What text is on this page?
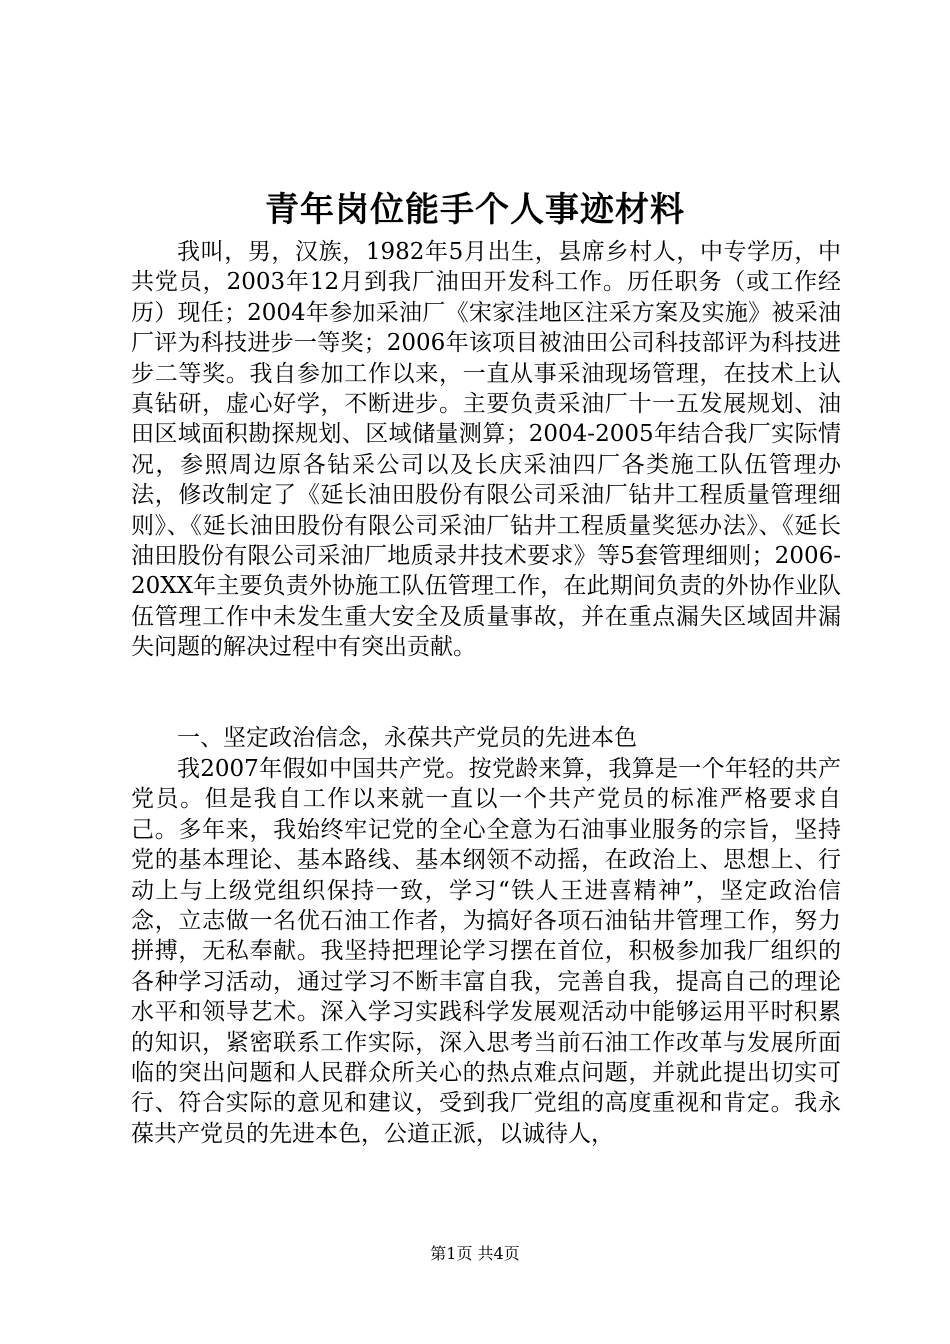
青年岗位能手个人事迹材料

我叫，男，汉族，1982年5月出生，县席乡村人，中专学历，中共党员，2003年12月到我厂油田开发科工作。历任职务（或工作经历）现任；2004年参加采油厂《宋家洼地区注采方案及实施》被采油厂评为科技进步一等奖；2006年该项目被油田公司科技部评为科技进步二等奖。我自参加工作以来，一直从事采油现场管理，在技术上认真钻研，虚心好学，不断进步。主要负责采油厂十一五发展规划、油田区域面积勘探规划、区域储量测算；2004-2005年结合我厂实际情况，参照周边原各钻采公司以及长庆采油四厂各类施工队伍管理办法，修改制定了《延长油田股份有限公司采油厂钻井工程质量管理细则》、《延长油田股份有限公司采油厂钻井工程质量奖惩办法》、《延长油田股份有限公司采油厂地质录井技术要求》等5套管理细则；2006-20XX年主要负责外协施工队伍管理工作，在此期间负责的外协作业队伍管理工作中未发生重大安全及质量事故，并在重点漏失区域固井漏失问题的解决过程中有突出贡献。

一、坚定政治信念，永葆共产党员的先进本色

我2007年假如中国共产党。按党龄来算，我算是一个年轻的共产党员。但是我自工作以来就一直以一个共产党员的标准严格要求自己。多年来，我始终牢记党的全心全意为石油事业服务的宗旨，坚持党的基本理论、基本路线、基本纲领不动摇，在政治上、思想上、行动上与上级党组织保持一致，学习“铁人王进喜精神”，坚定政治信念，立志做一名优石油工作者，为搞好各项石油钻井管理工作，努力拼搏，无私奉献。我坚持把理论学习摆在首位，积极参加我厂组织的各种学习活动，通过学习不断丰富自我，完善自我，提高自己的理论水平和领导艺术。深入学习实践科学发展观活动中能够运用平时积累的知识，紧密联系工作实际，深入思考当前石油工作改革与发展所面临的突出问题和人民群众所关心的热点难点问题，并就此提出切实可行、符合实际的意见和建议，受到我厂党组的高度重视和肯定。我永葆共产党员的先进本色，公道正派，以诚待人，

第1页 共4页
